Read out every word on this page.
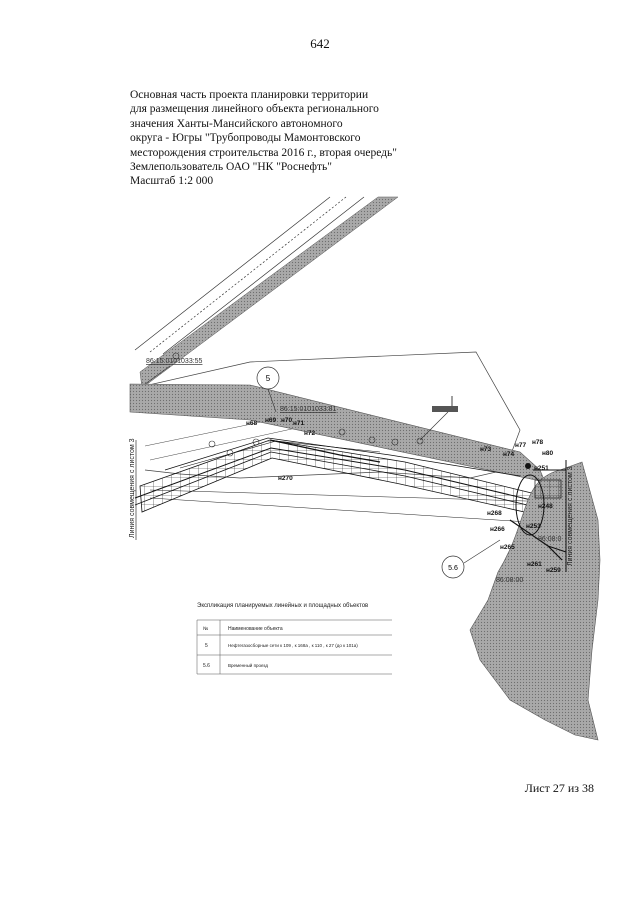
642
Основная часть проекта планировки территории
для размещения линейного объекта регионального
значения Ханты-Мансийского автономного
округа - Югры "Трубопроводы Мамонтовского
месторождения строительства 2016 г., вторая очередь"
Землепользователь ОАО "НК "Роснефть"
Масштаб 1:2 000
86:15:0101033:55
86:15:0101033:81
86:08:0
86:08:00
5
5.6
н68 н69 н70 н71
н72
н73
н74
н77 н78
н80
н270
н248
н268
н253
н266
н265
н261
н259
н251
Линия совмещения с листом 3	Линия совмещения с листом 3
Экспликация планируемых линейных и площадных объектов
№	Наименование объекта
5	Нефтегазосборные сети к 109 , к 168а , к 110 , к 27 (до к 101а)
5.6	Временный проезд
Лист 27 из 38
